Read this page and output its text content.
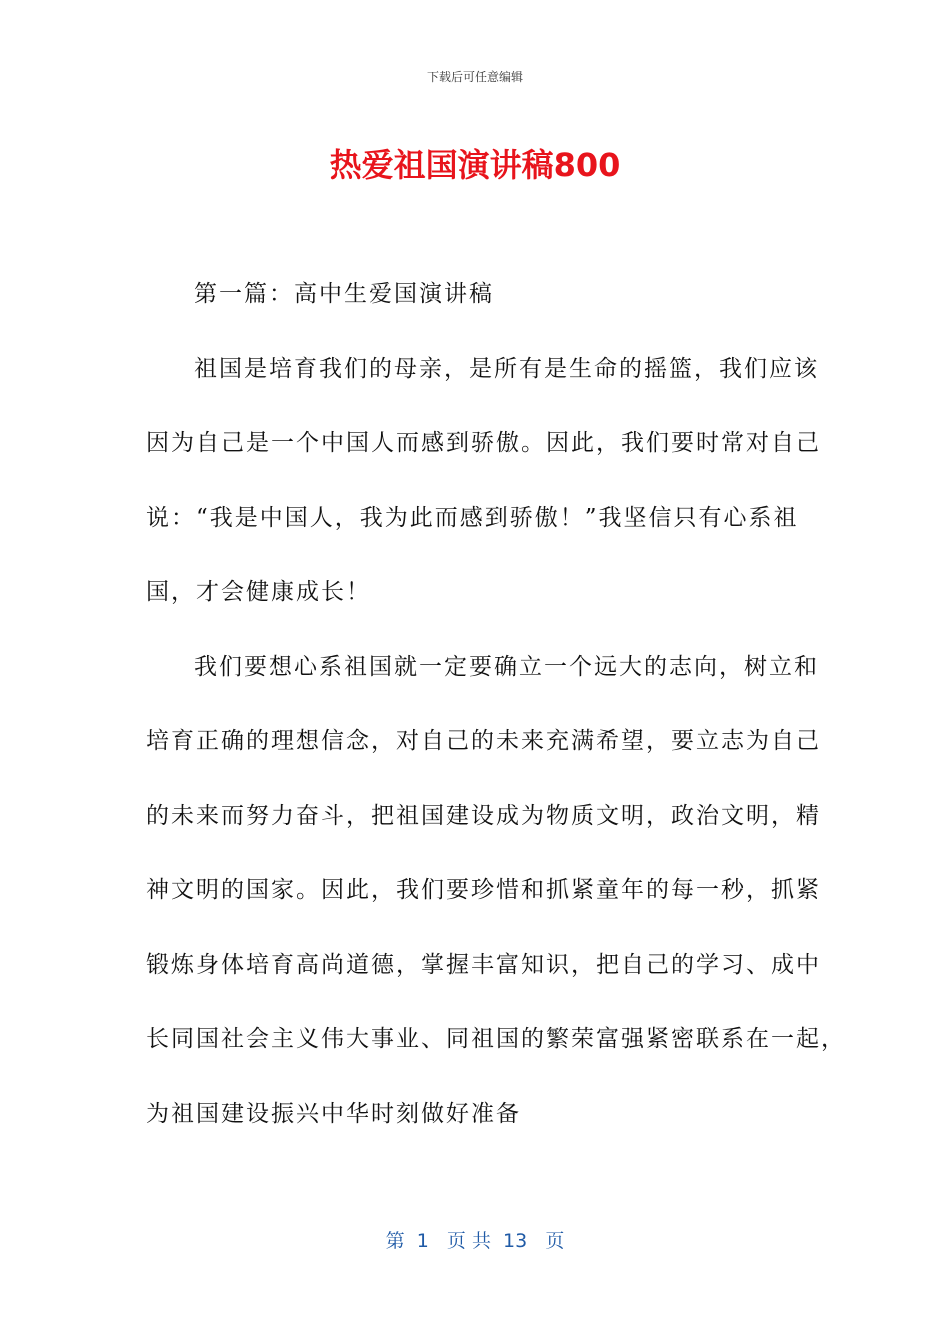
下载后可任意编辑
热爱祖国演讲稿800
第一篇：高中生爱国演讲稿
祖国是培育我们的母亲，是所有是生命的摇篮，我们应该
因为自己是一个中国人而感到骄傲。因此，我们要时常对自己
说：“我是中国人，我为此而感到骄傲！”我坚信只有心系祖
国，才会健康成长！
我们要想心系祖国就一定要确立一个远大的志向，树立和
培育正确的理想信念，对自己的未来充满希望，要立志为自己
的未来而努力奋斗，把祖国建设成为物质文明，政治文明，精
神文明的国家。因此，我们要珍惜和抓紧童年的每一秒，抓紧
锻炼身体培育高尚道德，掌握丰富知识，把自己的学习、成中
长同国社会主义伟大事业、同祖国的繁荣富强紧密联系在一起，
为祖国建设振兴中华时刻做好准备
第  1   页 共  13   页
